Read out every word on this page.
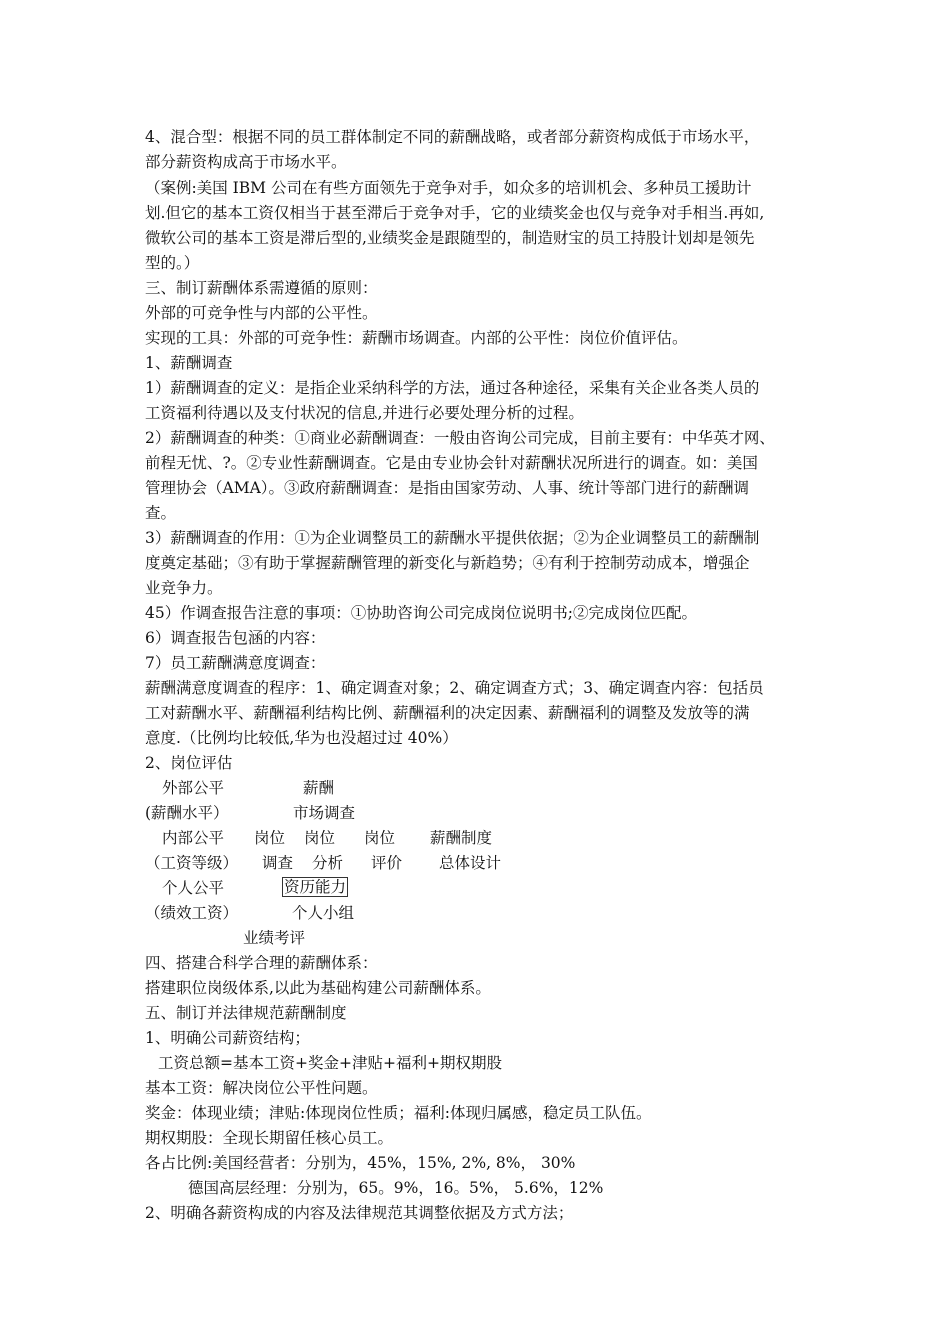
4、混合型：根据不同的员工群体制定不同的薪酬战略，或者部分薪资构成低于市场水平，
部分薪资构成高于市场水平。
（案例:美国 IBM 公司在有些方面领先于竞争对手，如众多的培训机会、多种员工援助计
划.但它的基本工资仅相当于甚至滞后于竞争对手，它的业绩奖金也仅与竞争对手相当.再如,
微软公司的基本工资是滞后型的,业绩奖金是跟随型的，制造财宝的员工持股计划却是领先
型的。）
三、制订薪酬体系需遵循的原则：
外部的可竞争性与内部的公平性。
实现的工具：外部的可竞争性：薪酬市场调查。内部的公平性：岗位价值评估。
1、薪酬调查
1）薪酬调查的定义：是指企业采纳科学的方法，通过各种途径，采集有关企业各类人员的
工资福利待遇以及支付状况的信息,并进行必要处理分析的过程。
2）薪酬调查的种类：①商业必薪酬调查：一般由咨询公司完成，目前主要有：中华英才网、
前程无忧、?。②专业性薪酬调查。它是由专业协会针对薪酬状况所进行的调查。如：美国
管理协会（AMA）。③政府薪酬调查：是指由国家劳动、人事、统计等部门进行的薪酬调
查。
3）薪酬调查的作用：①为企业调整员工的薪酬水平提供依据；②为企业调整员工的薪酬制
度奠定基础；③有助于掌握薪酬管理的新变化与新趋势；④有利于控制劳动成本，增强企
业竞争力。
45）作调查报告注意的事项：①协助咨询公司完成岗位说明书;②完成岗位匹配。
6）调查报告包涵的内容：
7）员工薪酬满意度调查：
薪酬满意度调查的程序：1、确定调查对象；2、确定调查方式；3、确定调查内容：包括员
工对薪酬水平、薪酬福利结构比例、薪酬福利的决定因素、薪酬福利的调整及发放等的满
意度.（比例均比较低,华为也没超过过 40%）
2、岗位评估
外部公平	薪酬
(薪酬水平）	市场调查
内部公平 岗位 岗位 岗位 薪酬制度
（工资等级） 调查 分析 评价 总体设计
个人公平	资历能力
（绩效工资）	个人小组
业绩考评
四、搭建合科学合理的薪酬体系：
搭建职位岗级体系,以此为基础构建公司薪酬体系。
五、制订并法律规范薪酬制度
1、明确公司薪资结构；
工资总额=基本工资+奖金+津贴+福利+期权期股
基本工资：解决岗位公平性问题。
奖金：体现业绩；津贴:体现岗位性质；福利:体现归属感，稳定员工队伍。
期权期股：全现长期留任核心员工。
各占比例:美国经营者：分别为，45%，15%, 2%, 8%， 30%
德国高层经理：分别为，65。9%，16。5%， 5.6%，12%
2、明确各薪资构成的内容及法律规范其调整依据及方式方法；
